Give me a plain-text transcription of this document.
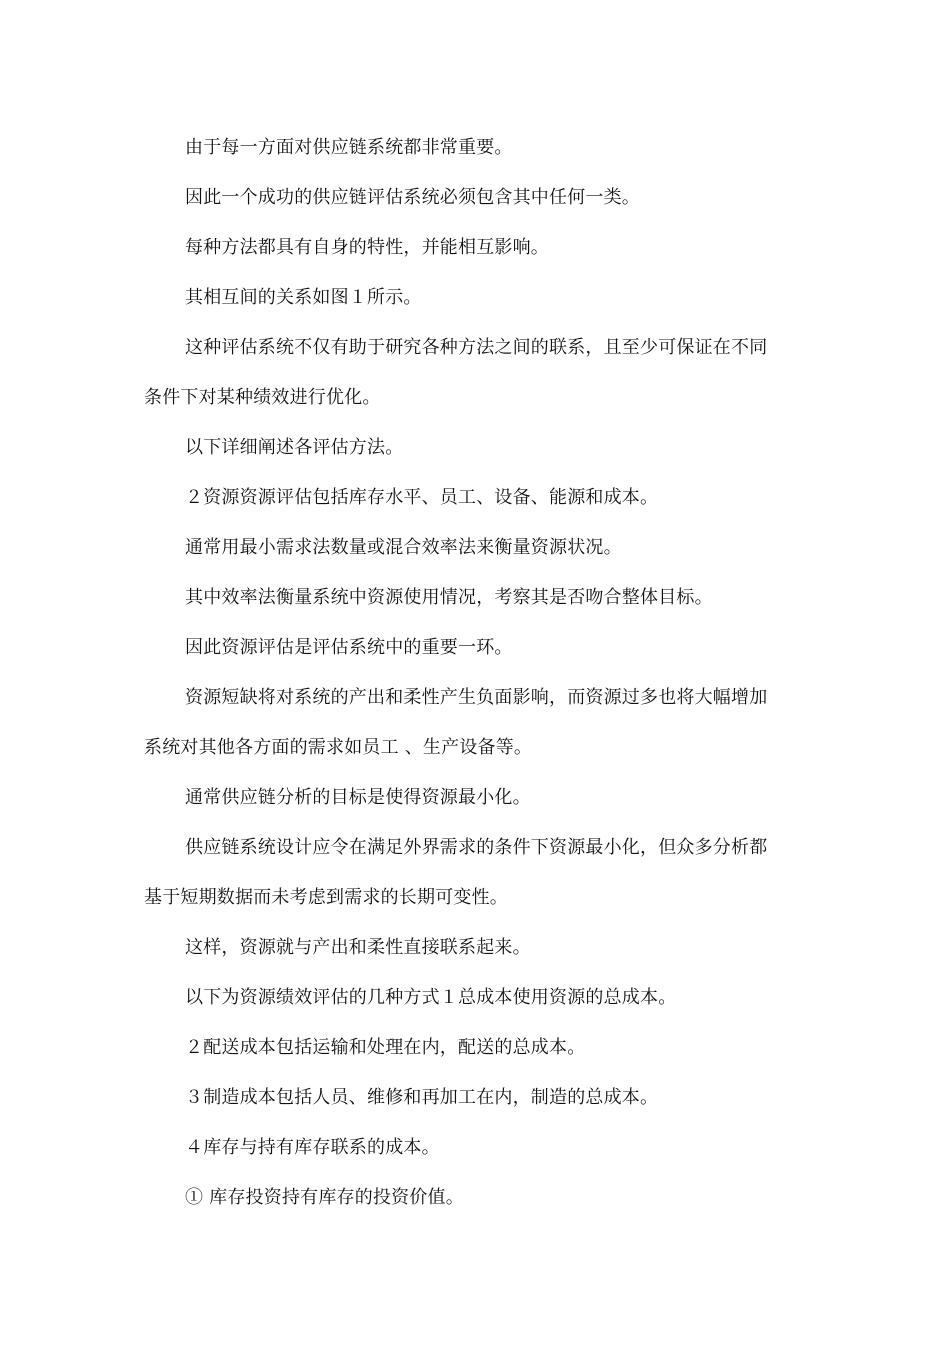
由于每一方面对供应链系统都非常重要。

因此一个成功的供应链评估系统必须包含其中任何一类。

每种方法都具有自身的特性，并能相互影响。

其相互间的关系如图１所示。

这种评估系统不仅有助于研究各种方法之间的联系，且至少可保证在不同条件下对某种绩效进行优化。

以下详细阐述各评估方法。

２资源资源评估包括库存水平、员工、设备、能源和成本。

通常用最小需求法数量或混合效率法来衡量资源状况。

其中效率法衡量系统中资源使用情况，考察其是否吻合整体目标。

因此资源评估是评估系统中的重要一环。

资源短缺将对系统的产出和柔性产生负面影响，而资源过多也将大幅增加系统对其他各方面的需求如员工 、生产设备等。

通常供应链分析的目标是使得资源最小化。

供应链系统设计应令在满足外界需求的条件下资源最小化，但众多分析都基于短期数据而未考虑到需求的长期可变性。

这样，资源就与产出和柔性直接联系起来。

以下为资源绩效评估的几种方式１总成本使用资源的总成本。

２配送成本包括运输和处理在内，配送的总成本。

３制造成本包括人员、维修和再加工在内，制造的总成本。

４库存与持有库存联系的成本。

① 库存投资持有库存的投资价值。
